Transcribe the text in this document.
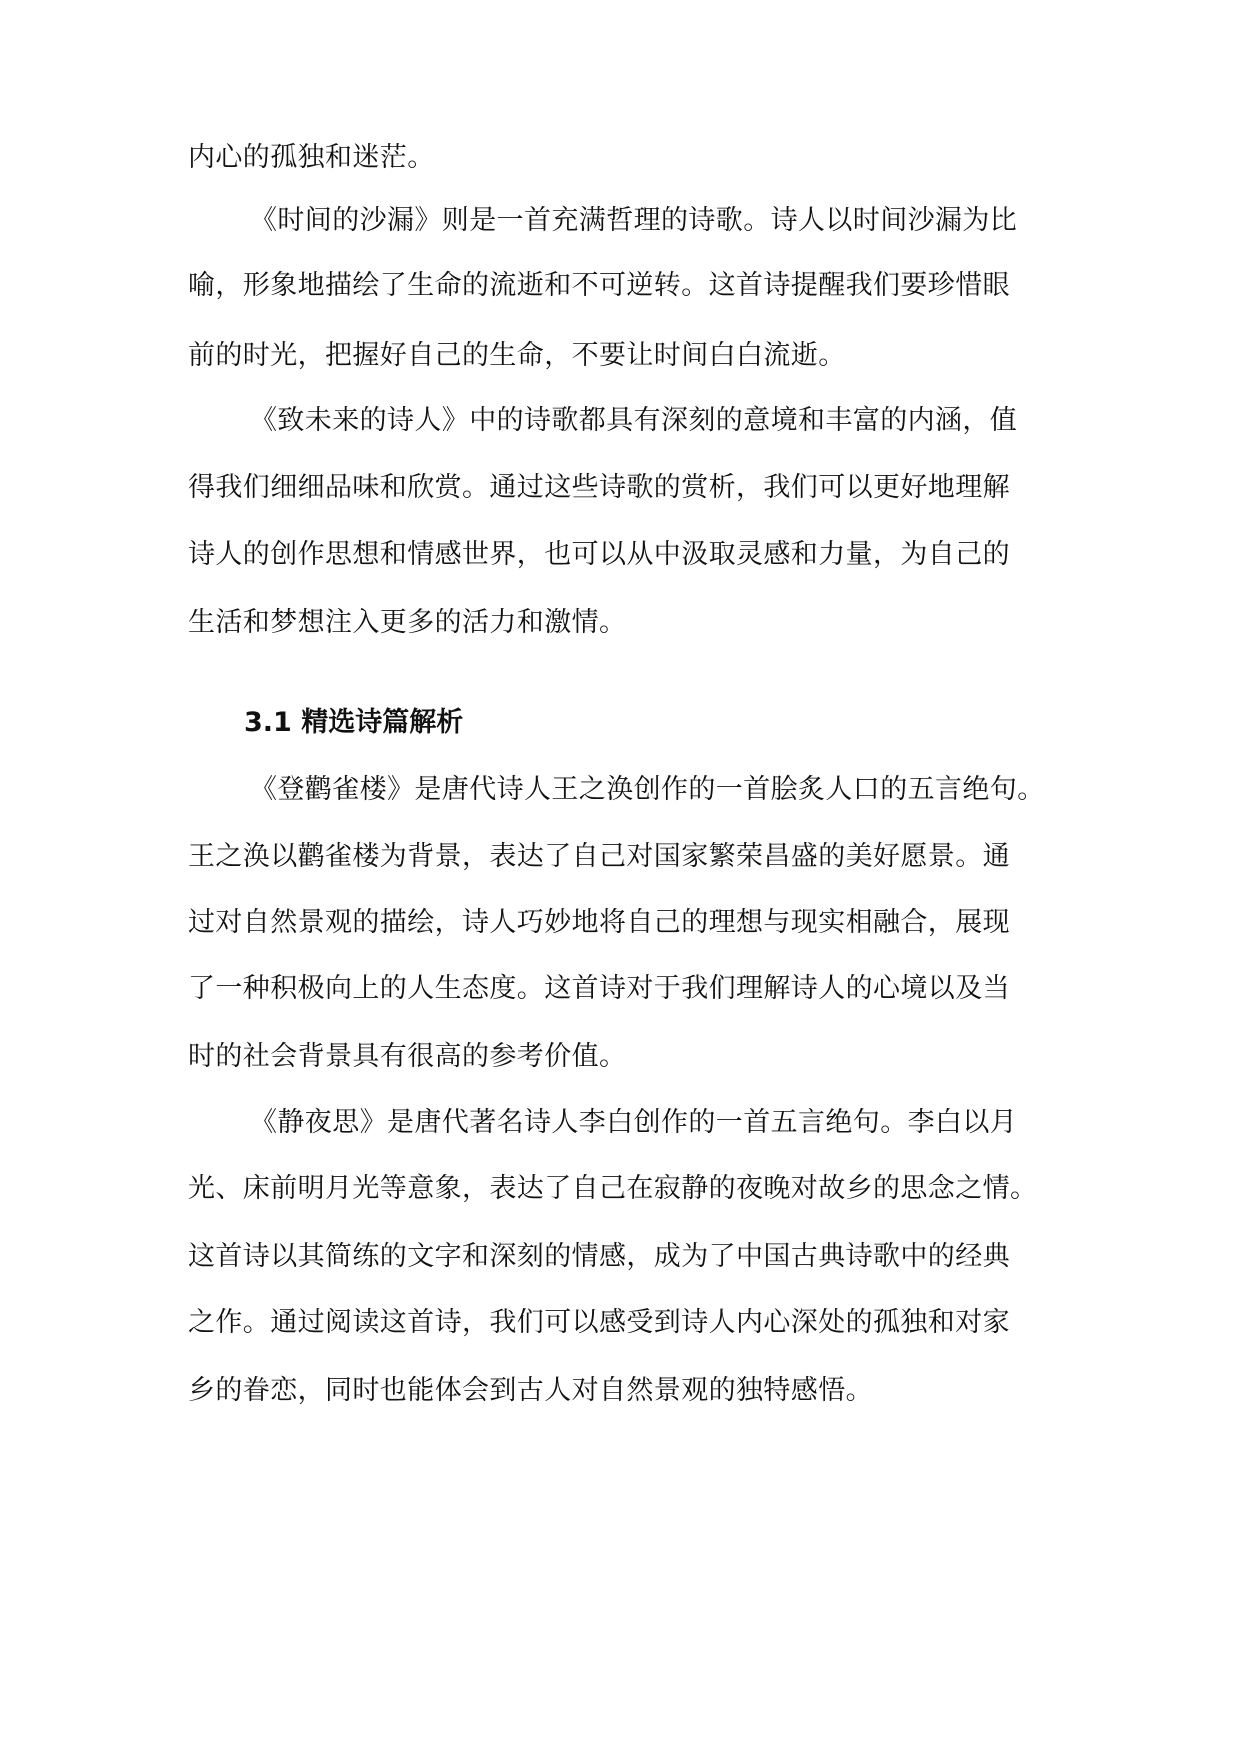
内心的孤独和迷茫。
《时间的沙漏》则是一首充满哲理的诗歌。诗人以时间沙漏为比
喻，形象地描绘了生命的流逝和不可逆转。这首诗提醒我们要珍惜眼
前的时光，把握好自己的生命，不要让时间白白流逝。
《致未来的诗人》中的诗歌都具有深刻的意境和丰富的内涵，值
得我们细细品味和欣赏。通过这些诗歌的赏析，我们可以更好地理解
诗人的创作思想和情感世界，也可以从中汲取灵感和力量，为自己的
生活和梦想注入更多的活力和激情。
3.1 精选诗篇解析
《登鹳雀楼》是唐代诗人王之涣创作的一首脍炙人口的五言绝句。
王之涣以鹳雀楼为背景，表达了自己对国家繁荣昌盛的美好愿景。通
过对自然景观的描绘，诗人巧妙地将自己的理想与现实相融合，展现
了一种积极向上的人生态度。这首诗对于我们理解诗人的心境以及当
时的社会背景具有很高的参考价值。
《静夜思》是唐代著名诗人李白创作的一首五言绝句。李白以月
光、床前明月光等意象，表达了自己在寂静的夜晚对故乡的思念之情。
这首诗以其简练的文字和深刻的情感，成为了中国古典诗歌中的经典
之作。通过阅读这首诗，我们可以感受到诗人内心深处的孤独和对家
乡的眷恋，同时也能体会到古人对自然景观的独特感悟。
